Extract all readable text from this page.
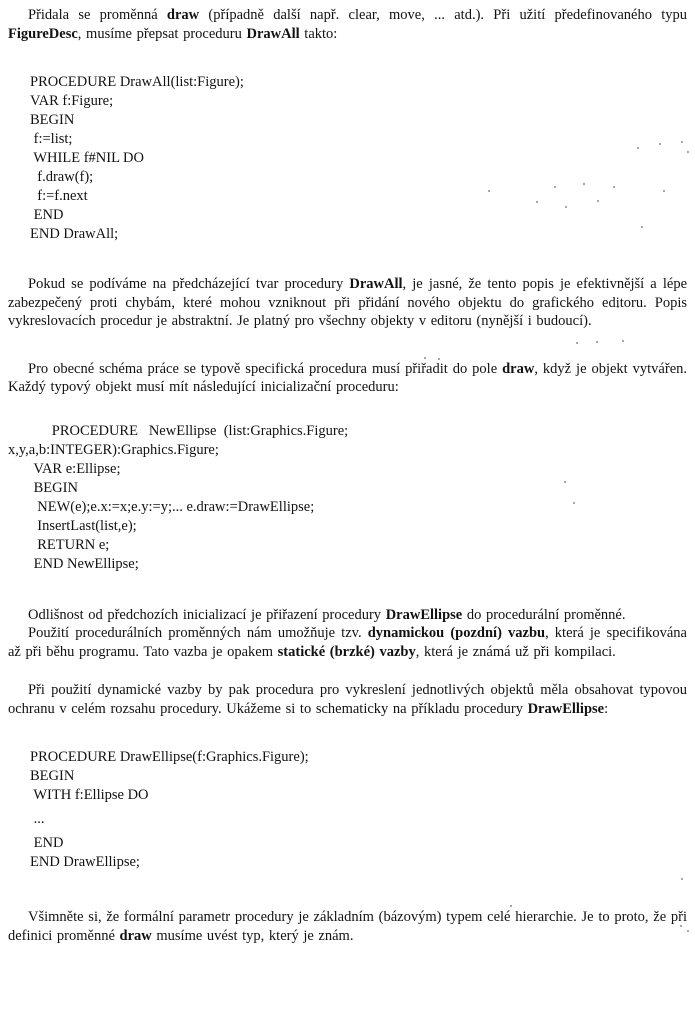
Přidala se proměnná draw (případně další např. clear, move, ... atd.). Při užití předefinovaného typu FigureDesc, musíme přepsat proceduru DrawAll takto:

PROCEDURE DrawAll(list:Figure);
VAR f:Figure;
BEGIN
f:=list;
WHILE f#NIL DO
f.draw(f);
f:=f.next
END
END DrawAll;

Pokud se podíváme na předcházející tvar procedury DrawAll, je jasné, že tento popis je efektivnější a lépe zabezpečený proti chybám, které mohou vzniknout při přidání nového objektu do grafického editoru. Popis vykreslovacích procedur je abstraktní. Je platný pro všechny objekty v editoru (nynější i budoucí).

Pro obecné schéma práce se typově specifická procedura musí přiřadit do pole draw, když je objekt vytvářen. Každý typový objekt musí mít následující inicializační proceduru:

PROCEDURE   NewEllipse  (list:Graphics.Figure;
x,y,a,b:INTEGER):Graphics.Figure;
VAR e:Ellipse;
BEGIN
NEW(e);e.x:=x;e.y:=y;... e.draw:=DrawEllipse;
InsertLast(list,e);
RETURN e;
END NewEllipse;

Odlišnost od předchozích inicializací je přiřazení procedury DrawEllipse do procedurální proměnné.

Použití procedurálních proměnných nám umožňuje tzv. dynamickou (pozdní) vazbu, která je specifikována až při běhu programu. Tato vazba je opakem statické (brzké) vazby, která je známá už při kompilaci.

Při použití dynamické vazby by pak procedura pro vykreslení jednotlivých objektů měla obsahovat typovou ochranu v celém rozsahu procedury. Ukážeme si to schematicky na příkladu procedury DrawEllipse:

PROCEDURE DrawEllipse(f:Graphics.Figure);
BEGIN
WITH f:Ellipse DO
...
END
END DrawEllipse;

Všimněte si, že formální parametr procedury je základním (bázovým) typem celé hierarchie. Je to proto, že při definici proměnné draw musíme uvést typ, který je znám.
